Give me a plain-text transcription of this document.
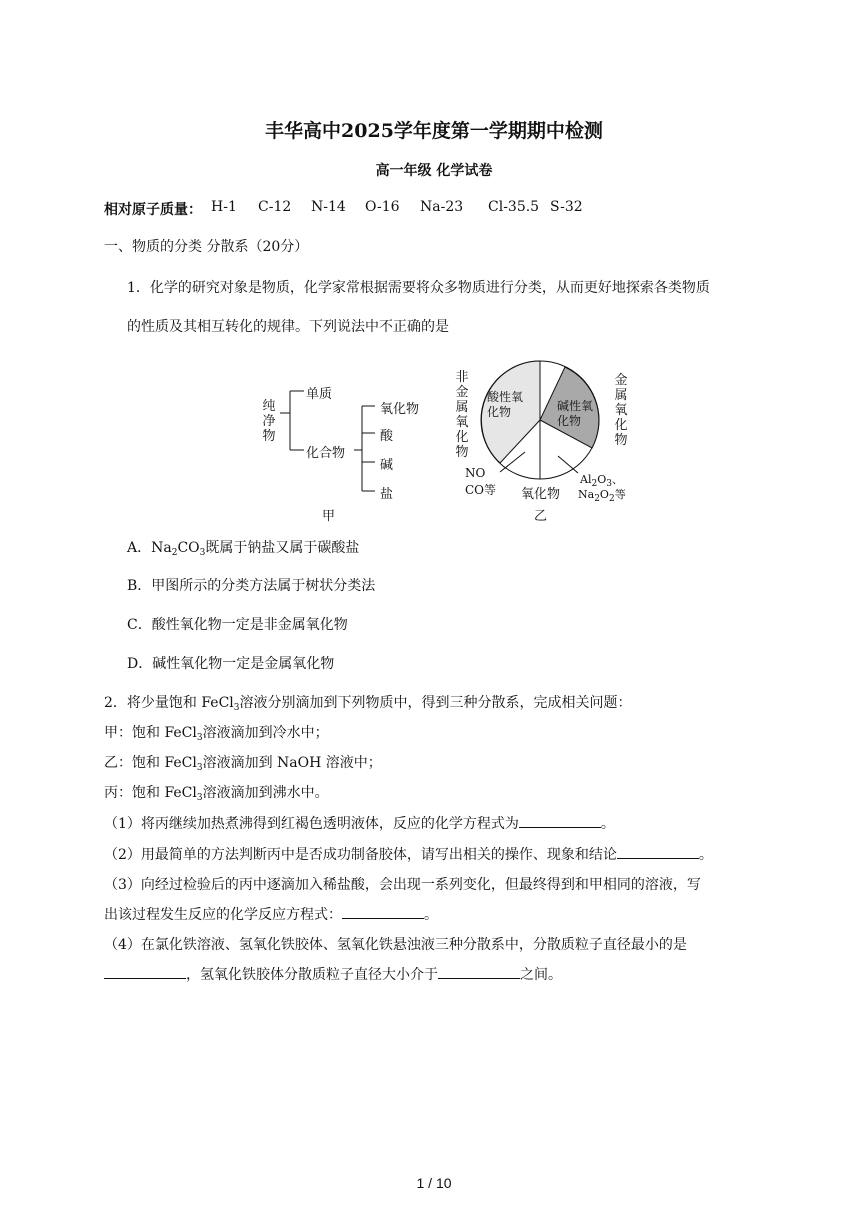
丰华高中2025学年度第一学期期中检测
高一年级 化学试卷
相对原子质量： H-1 C-12 N-14 O-16 Na-23 Cl-35.5 S-32
一、物质的分类 分散系（20分）
1．化学的研究对象是物质，化学家常根据需要将众多物质进行分类，从而更好地探索各类物质
的性质及其相互转化的规律。下列说法中不正确的是
纯净物
单质
化合物
氧化物
酸
碱
盐
甲
非金属氧化物
金属氧化物
酸性氧
化物	碱性氧
化物
NO
CO等 氧化物
$Al_2O_3$、
$Na_2O_2$等
乙
A．$Na_2CO_3$既属于钠盐又属于碳酸盐
B．甲图所示的分类方法属于树状分类法
C．酸性氧化物一定是非金属氧化物
D．碱性氧化物一定是金属氧化物
2．将少量饱和 FeCl$_3$溶液分别滴加到下列物质中，得到三种分散系，完成相关问题：
甲：饱和 FeCl$_3$溶液滴加到冷水中；
乙：饱和 FeCl$_3$溶液滴加到 NaOH 溶液中；
丙：饱和 FeCl$_3$溶液滴加到沸水中。
（1）将丙继续加热煮沸得到红褐色透明液体，反应的化学方程式为	。
（2）用最简单的方法判断丙中是否成功制备胶体，请写出相关的操作、现象和结论	。
（3）向经过检验后的丙中逐滴加入稀盐酸，会出现一系列变化，但最终得到和甲相同的溶液，写
出该过程发生反应的化学反应方程式：	。
（4）在氯化铁溶液、氢氧化铁胶体、氢氧化铁悬浊液三种分散系中，分散质粒子直径最小的是
，氢氧化铁胶体分散质粒子直径大小介于	之间。
1 / 10
